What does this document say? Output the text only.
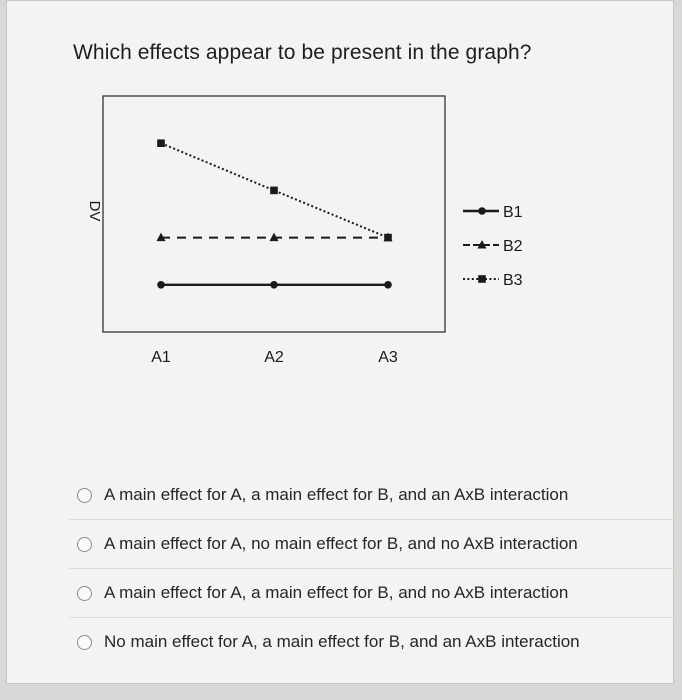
Which effects appear to be present in the graph?
A1	A2	A3
DV	B1
B2
B3
A main effect for A, a main effect for B, and an AxB interaction
A main effect for A, no main effect for B, and no AxB interaction
A main effect for A, a main effect for B, and no AxB interaction
No main effect for A, a main effect for B, and an AxB interaction
